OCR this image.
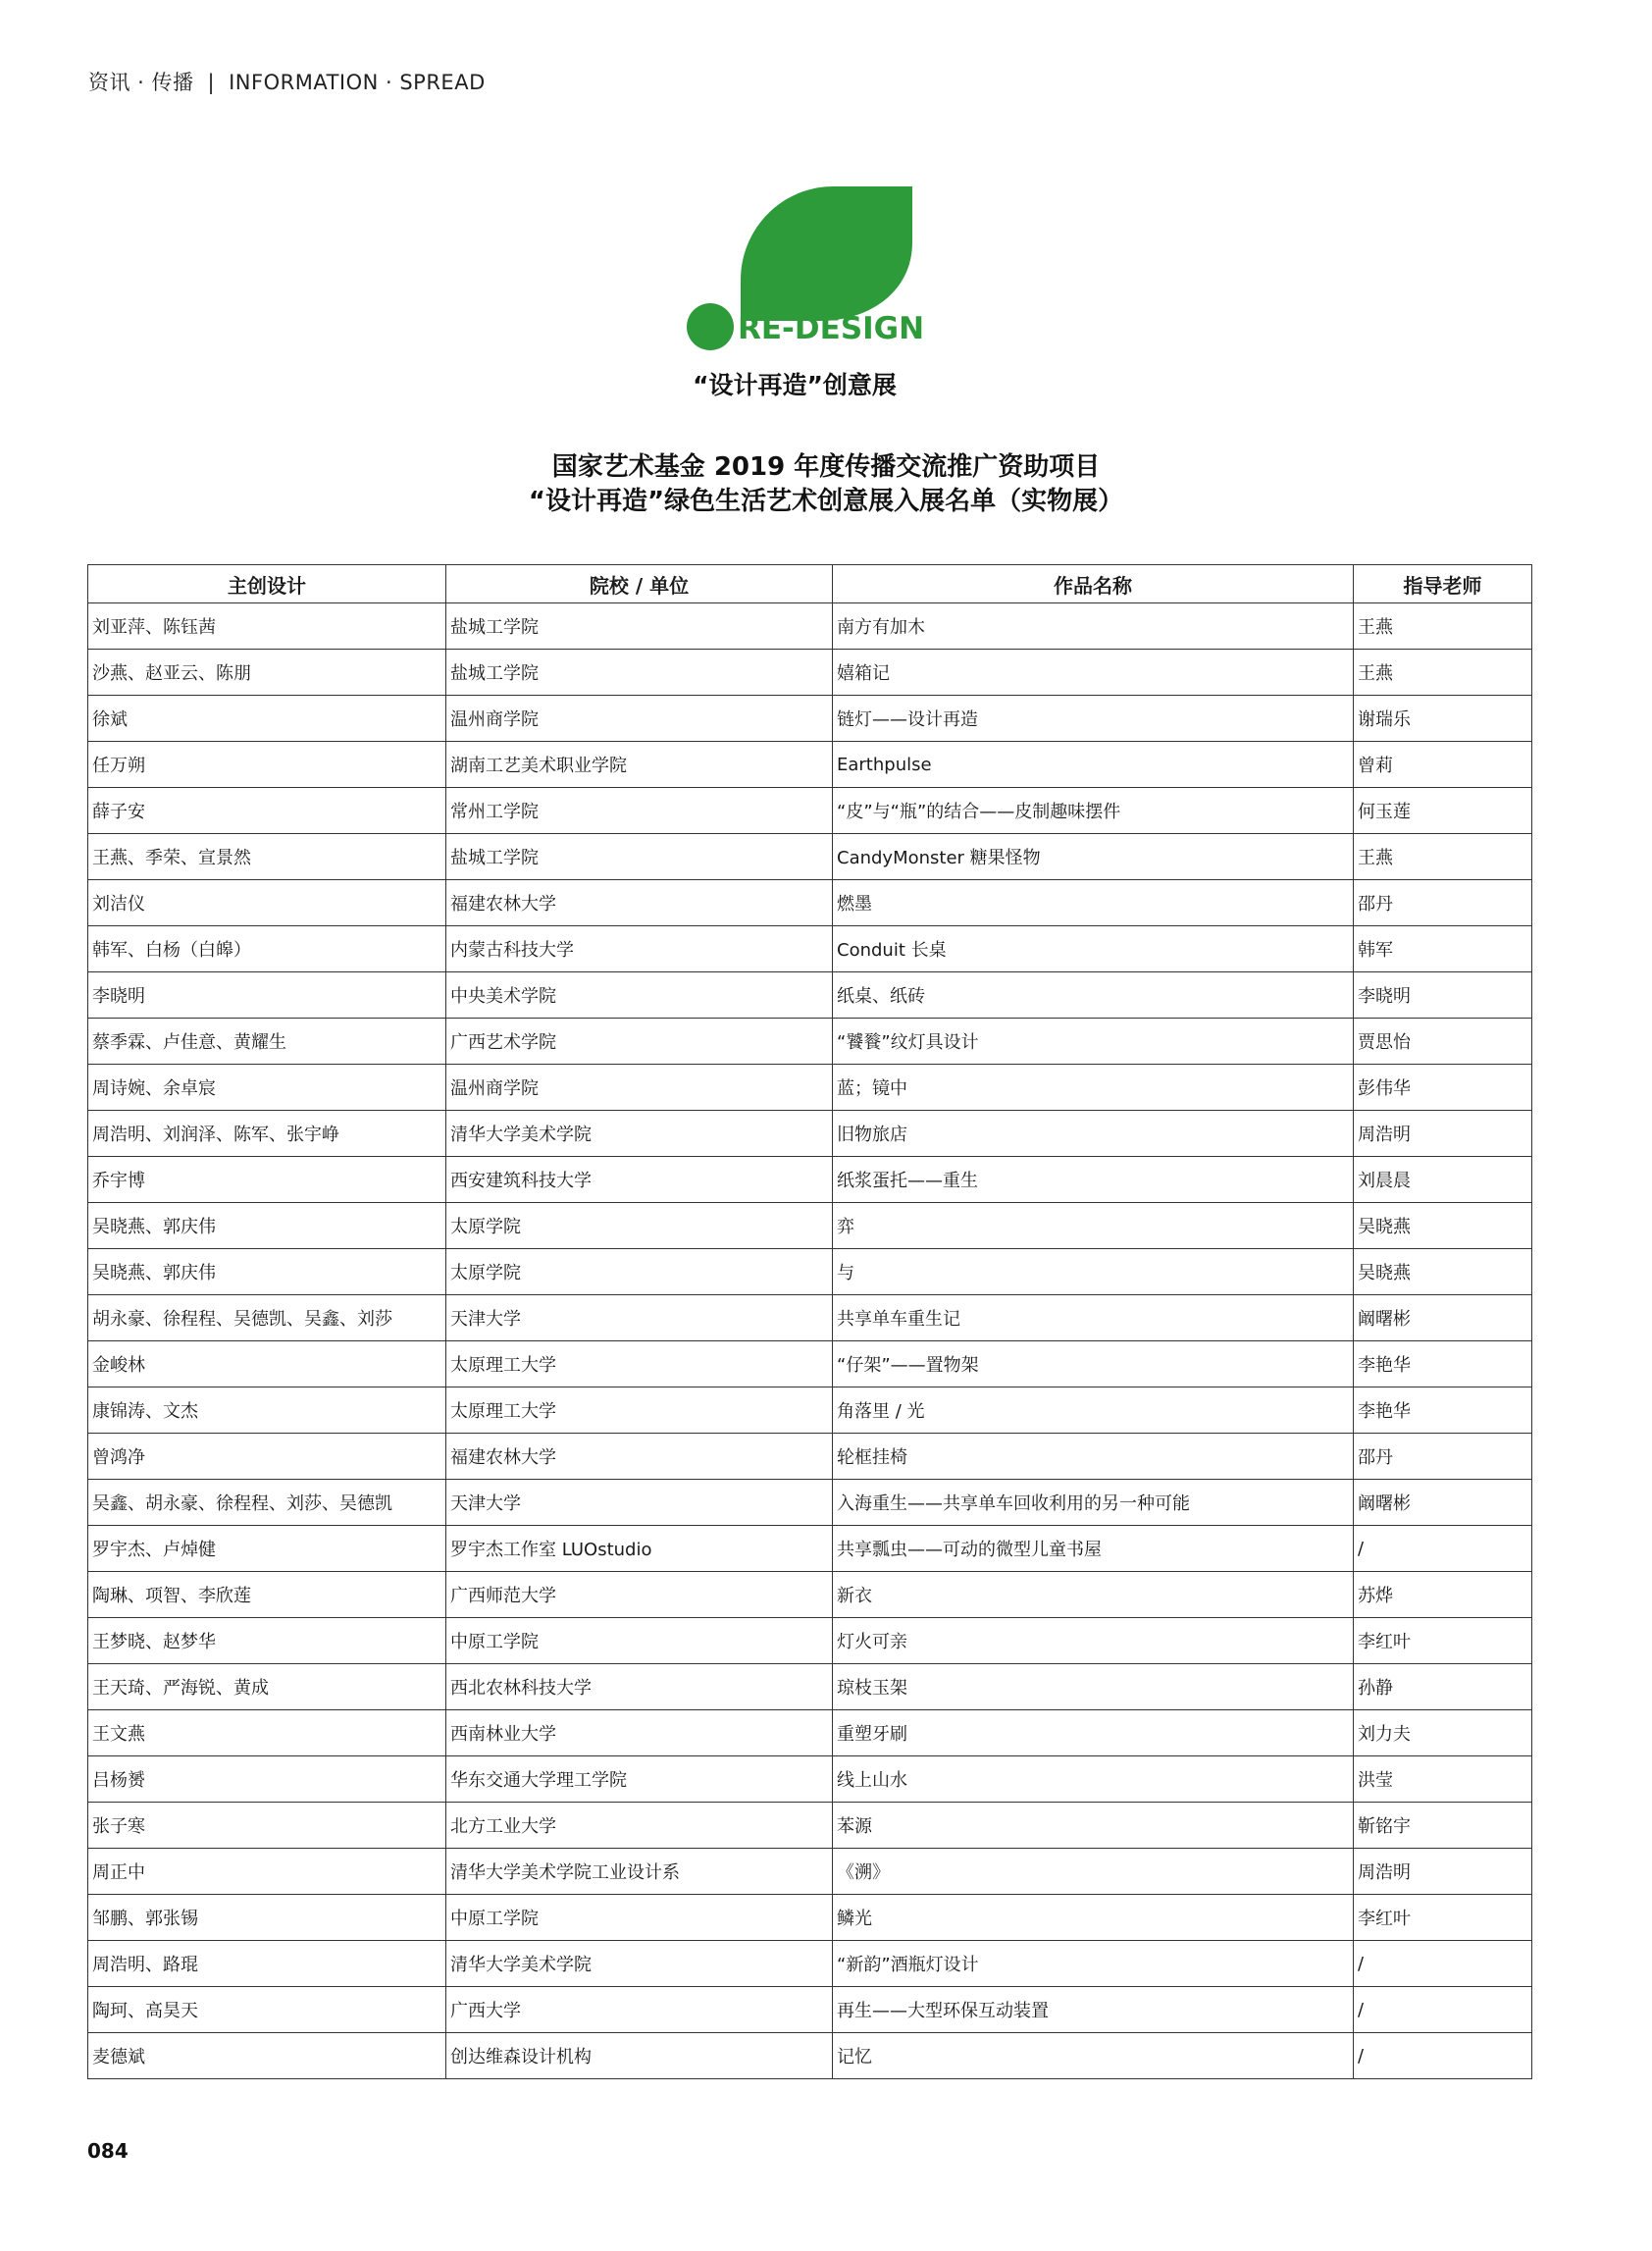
资讯 · 传播 | INFORMATION · SPREAD
RE-DESIGN
“设计再造”创意展
国家艺术基金 2019 年度传播交流推广资助项目
“设计再造”绿色生活艺术创意展入展名单（实物展）
主创设计	院校 / 单位	作品名称	指导老师
刘亚萍、陈钰茜	盐城工学院	南方有加木	王燕
沙燕、赵亚云、陈朋	盐城工学院	嬉箱记	王燕
徐斌	温州商学院	链灯——设计再造	谢瑞乐
任万朔	湖南工艺美术职业学院	Earthpulse	曾莉
薛子安	常州工学院	“皮”与“瓶”的结合——皮制趣味摆件	何玉莲
王燕、季荣、宣景然	盐城工学院	CandyMonster 糖果怪物	王燕
刘洁仪	福建农林大学	燃墨	邵丹
韩军、白杨（白皞）	内蒙古科技大学	Conduit 长桌	韩军
李晓明	中央美术学院	纸桌、纸砖	李晓明
蔡季霖、卢佳意、黄耀生	广西艺术学院	“饕餮”纹灯具设计	贾思怡
周诗婉、余卓宸	温州商学院	蓝；镜中	彭伟华
周浩明、刘润泽、陈军、张宇峥	清华大学美术学院	旧物旅店	周浩明
乔宇博	西安建筑科技大学	纸浆蛋托——重生	刘晨晨
吴晓燕、郭庆伟	太原学院	弈	吴晓燕
吴晓燕、郭庆伟	太原学院	与	吴晓燕
胡永豪、徐程程、吴德凯、吴鑫、刘莎	天津大学	共享单车重生记	阚曙彬
金峻林	太原理工大学	“仔架”——置物架	李艳华
康锦涛、文杰	太原理工大学	角落里 / 光	李艳华
曾鸿净	福建农林大学	轮框挂椅	邵丹
吴鑫、胡永豪、徐程程、刘莎、吴德凯	天津大学	入海重生——共享单车回收利用的另一种可能	阚曙彬
罗宇杰、卢焯健	罗宇杰工作室 LUOstudio	共享瓢虫——可动的微型儿童书屋	/
陶琳、项智、李欣莲	广西师范大学	新衣	苏烨
王梦晓、赵梦华	中原工学院	灯火可亲	李红叶
王天琦、严海锐、黄成	西北农林科技大学	琼枝玉架	孙静
王文燕	西南林业大学	重塑牙刷	刘力夫
吕杨赟	华东交通大学理工学院	线上山水	洪莹
张子寒	北方工业大学	苯源	靳铭宇
周正中	清华大学美术学院工业设计系	《溯》	周浩明
邹鹏、郭张锡	中原工学院	鳞光	李红叶
周浩明、路琨	清华大学美术学院	“新韵”酒瓶灯设计	/
陶珂、高昊天	广西大学	再生——大型环保互动装置	/
麦德斌	创达维森设计机构	记忆	/
084
